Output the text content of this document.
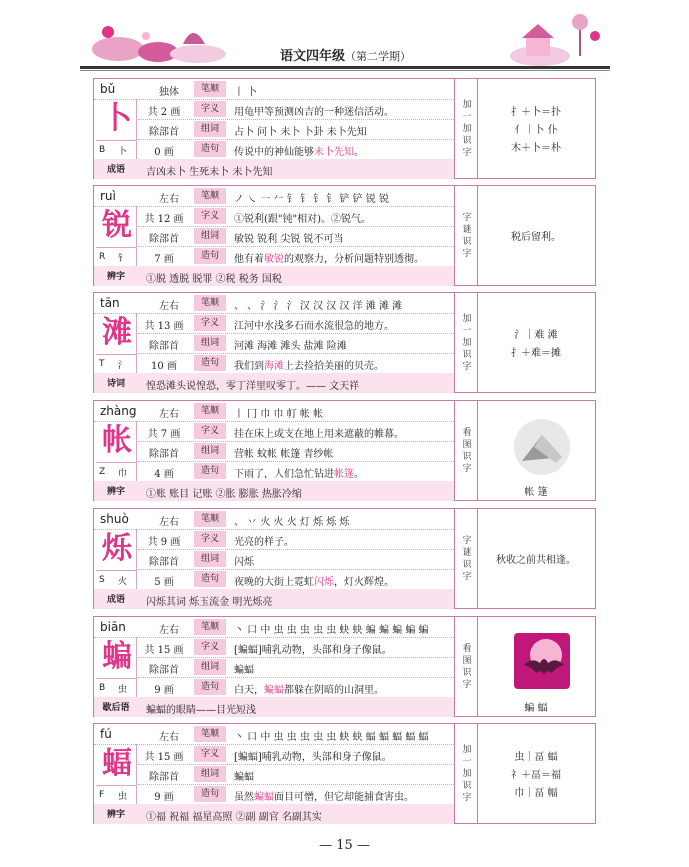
语文四年级（第二学期）
bǔ	独体	笔顺	丨 卜
卜	共 2 画	字义	用龟甲等预测凶吉的一种迷信活动。
除部首	组词	占卜 问卜 未卜 卜卦 未卜先知
0 画	造句	传说中的神仙能够未卜先知。
B 卜
成语	吉凶未卜 生死未卜 未卜先知
加一加识字	扌＋卜＝扑
亻｜卜 仆
木＋卜＝朴
ruì	左右	笔顺	ノ ㇏ ㇐ 𠂉 钅 钅 钅 钅 铲 铲 锐 锐
锐	共 12 画	字义	①锐利(跟"钝"相对)。②锐气。
除部首	组词	敏锐 锐利 尖锐 锐不可当
7 画	造句	他有着敏锐的观察力，分析问题特别透彻。
R 钅
辨字	①脱 透脱 脱罪 ②税 税务 国税
字谜识字	税后留利。
tān	左右	笔顺	、 、 氵 氵 氵 汉 汉 汉 汉 洋 滩 滩 滩
滩	共 13 画	字义	江河中水浅多石而水流很急的地方。
除部首	组词	河滩 海滩 滩头 盐滩 险滩
10 画	造句	我们到海滩上去捡拾美丽的贝壳。
T 氵
诗词	惶恐滩头说惶恐，零丁洋里叹零丁。—— 文天祥
加一加识字	氵｜难 滩
扌＋难＝摊
zhàng	左右	笔顺	丨 冂 巾 巾 帄 帐 帐
帐	共 7 画	字义	挂在床上或支在地上用来遮蔽的帷幕。
除部首	组词	营帐 蚊帐 帐篷 青纱帐
4 画	造句	下雨了，人们急忙钻进帐篷。
Z 巾
辨字	①账 账目 记账 ②胀 膨胀 热胀冷缩
看图识字
帐 篷
shuò	左右	笔顺	、 丷 火 火 火 灯 烁 烁 烁
烁	共 9 画	字义	光亮的样子。
除部首	组词	闪烁
5 画	造句	夜晚的大街上霓虹闪烁，灯火辉煌。
S 火
成语	闪烁其词 烁玉流金 明光烁亮
字谜识字	秋收之前共相逢。
biān	左右	笔顺	丶 口 中 虫 虫 虫 虫 虫 蚗 蚗 蝙 蝙 蝙 蝙 蝙
蝙	共 15 画	字义	[蝙蝠]哺乳动物，头部和身子像鼠。
除部首	组词	蝙蝠
9 画	造句	白天，蝙蝠都躲在阴暗的山洞里。
B 虫
歇后语	蝙蝠的眼睛——目光短浅
看图识字
蝙 蝠
fú	左右	笔顺	丶 口 中 虫 虫 虫 虫 虫 蚗 蚗 蝠 蝠 蝠 蝠 蝠
蝠	共 15 画	字义	[蝙蝠]哺乳动物，头部和身子像鼠。
除部首	组词	蝙蝠
9 画	造句	虽然蝙蝠面目可憎，但它却能捕食害虫。
F 虫
辨字	①福 祝福 福星高照 ②副 副官 名副其实
加一加识字	虫｜畐 蝠
礻＋畐＝福
巾｜畐 幅
— 15 —
